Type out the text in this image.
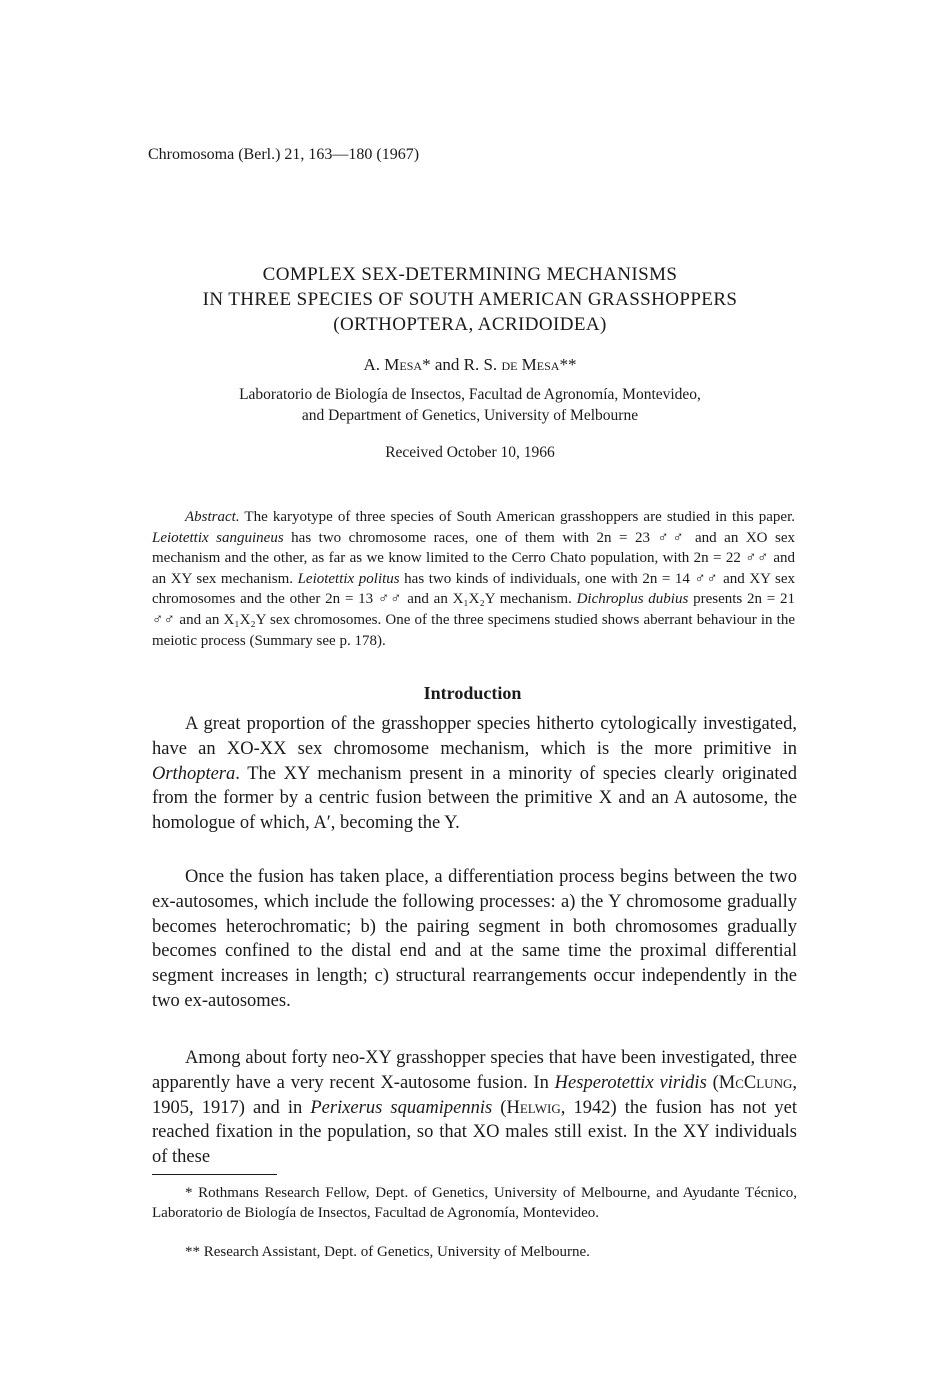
Chromosoma (Berl.) 21, 163—180 (1967)
COMPLEX SEX-DETERMINING MECHANISMS
IN THREE SPECIES OF SOUTH AMERICAN GRASSHOPPERS
(ORTHOPTERA, ACRIDOIDEA)
A. Mesa* and R. S. de Mesa**
Laboratorio de Biología de Insectos, Facultad de Agronomía, Montevideo,
and Department of Genetics, University of Melbourne
Received October 10, 1966

Abstract. The karyotype of three species of South American grasshoppers are studied in this paper. Leiotettix sanguineus has two chromosome races, one of them with 2n = 23 ♂♂ and an XO sex mechanism and the other, as far as we know limited to the Cerro Chato population, with 2n = 22 ♂♂ and an XY sex mechanism. Leiotettix politus has two kinds of individuals, one with 2n = 14 ♂♂ and XY sex chromosomes and the other 2n = 13 ♂♂ and an X₁X₂Y mechanism. Dichroplus dubius presents 2n = 21 ♂♂ and an X₁X₂Y sex chromosomes. One of the three specimens studied shows aberrant behaviour in the meiotic process (Summary see p. 178).

Introduction

A great proportion of the grasshopper species hitherto cytologically investigated, have an XO-XX sex chromosome mechanism, which is the more primitive in Orthoptera. The XY mechanism present in a minority of species clearly originated from the former by a centric fusion between the primitive X and an A autosome, the homologue of which, A′, becoming the Y.

Once the fusion has taken place, a differentiation process begins between the two ex-autosomes, which include the following processes: a) the Y chromosome gradually becomes heterochromatic; b) the pairing segment in both chromosomes gradually becomes confined to the distal end and at the same time the proximal differential segment increases in length; c) structural rearrangements occur independently in the two ex-autosomes.

Among about forty neo-XY grasshopper species that have been investigated, three apparently have a very recent X-autosome fusion. In Hesperotettix viridis (McClung, 1905, 1917) and in Perixerus squamipennis (Helwig, 1942) the fusion has not yet reached fixation in the population, so that XO males still exist. In the XY individuals of these

* Rothmans Research Fellow, Dept. of Genetics, University of Melbourne, and Ayudante Técnico, Laboratorio de Biología de Insectos, Facultad de Agronomía, Montevideo.

** Research Assistant, Dept. of Genetics, University of Melbourne.
